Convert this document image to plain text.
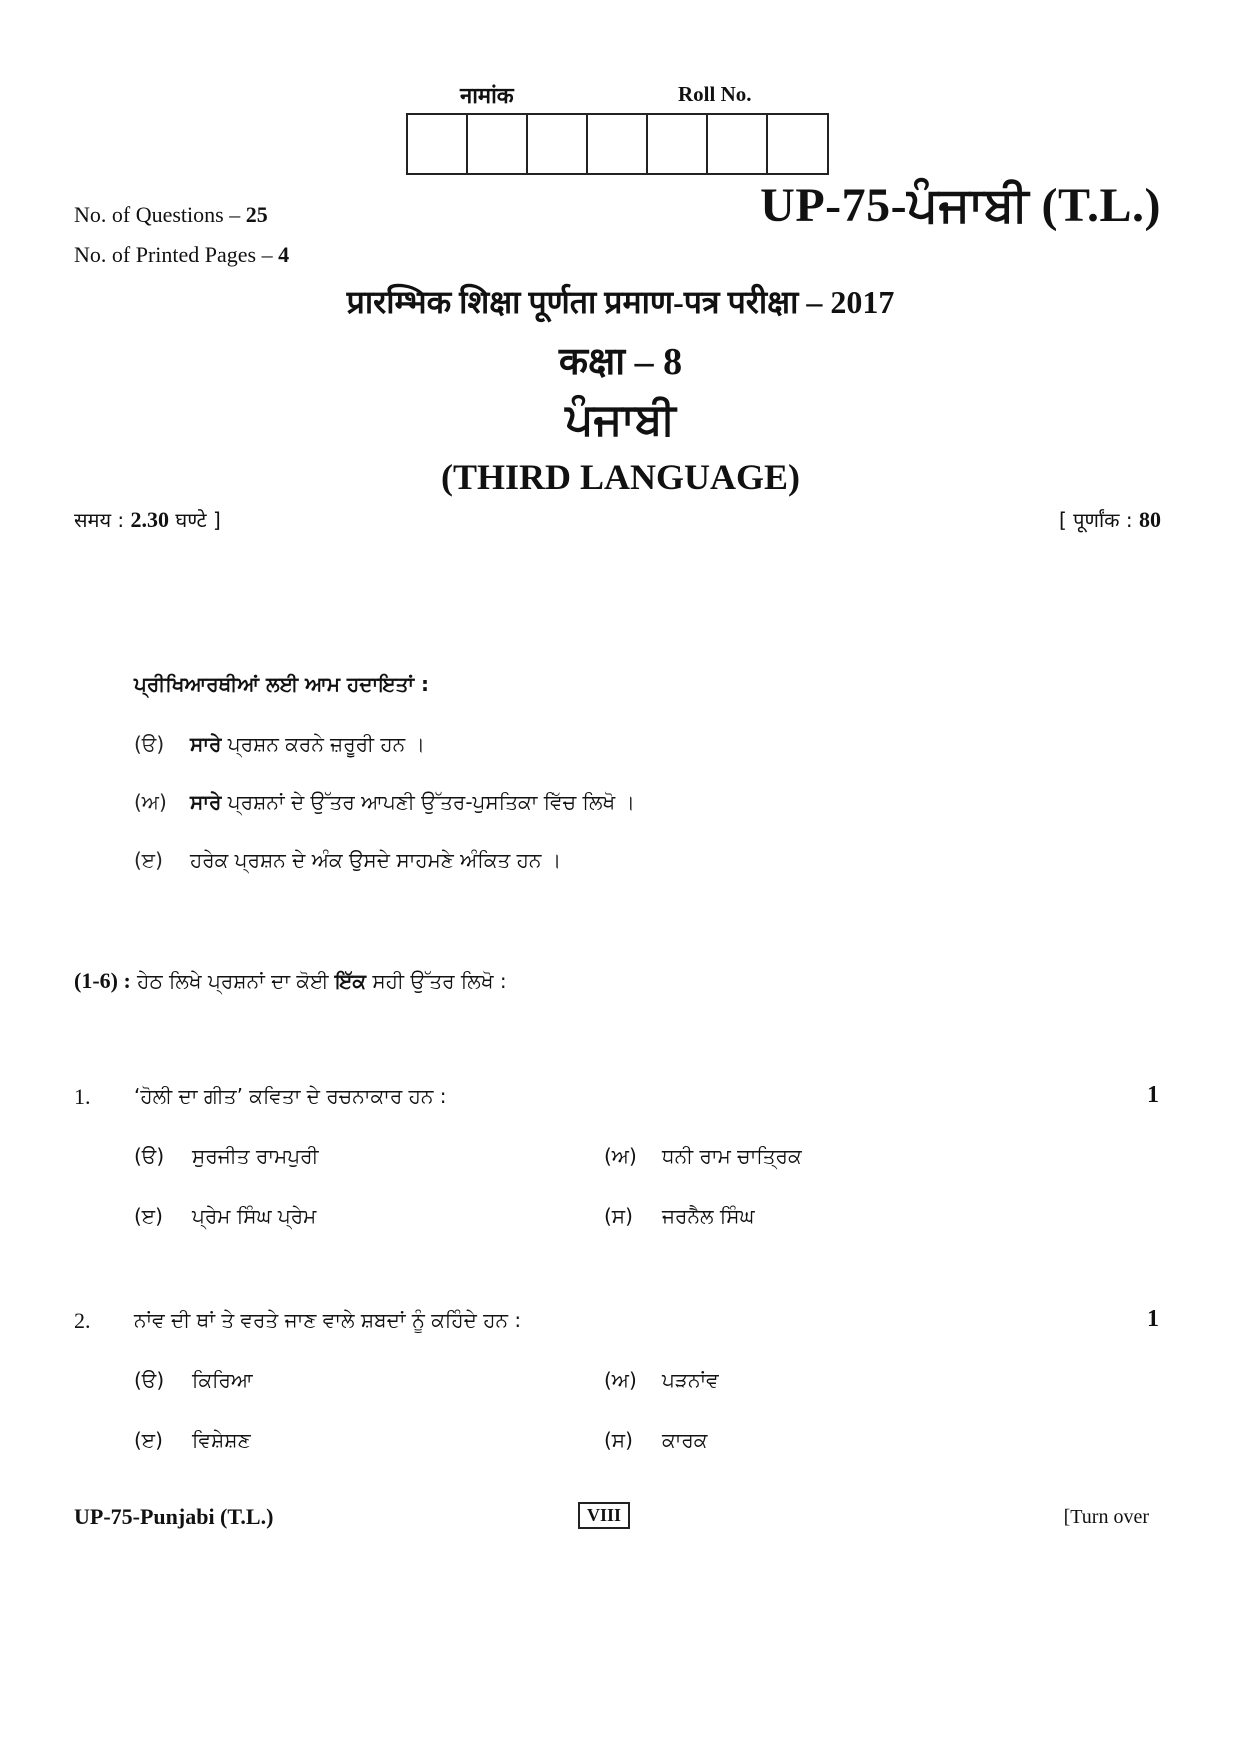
नामांक	Roll No.
No. of Questions – 25
No. of Printed Pages – 4
UP-75-ਪੰਜਾਬੀ (T.L.)
प्रारम्भिक शिक्षा पूर्णता प्रमाण-पत्र परीक्षा – 2017
कक्षा – 8
ਪੰਜਾਬੀ
(THIRD LANGUAGE)
समय : 2.30 घण्टे ]	[ पूर्णांक : 80
ਪ੍ਰੀਖਿਆਰਥੀਆਂ ਲਈ ਆਮ ਹਦਾਇਤਾਂ :
(ੳ) ਸਾਰੇ ਪ੍ਰਸ਼ਨ ਕਰਨੇ ਜ਼ਰੂਰੀ ਹਨ ।
(ਅ) ਸਾਰੇ ਪ੍ਰਸ਼ਨਾਂ ਦੇ ਉੱਤਰ ਆਪਣੀ ਉੱਤਰ-ਪੁਸਤਿਕਾ ਵਿੱਚ ਲਿਖੋ ।
(ੲ) ਹਰੇਕ ਪ੍ਰਸ਼ਨ ਦੇ ਅੰਕ ਉਸਦੇ ਸਾਹਮਣੇ ਅੰਕਿਤ ਹਨ ।
(1-6) : ਹੇਠ ਲਿਖੇ ਪ੍ਰਸ਼ਨਾਂ ਦਾ ਕੋਈ ਇੱਕ ਸਹੀ ਉੱਤਰ ਲਿਖੋ :
1. ‘ਹੋਲੀ ਦਾ ਗੀਤ’ ਕਵਿਤਾ ਦੇ ਰਚਨਾਕਾਰ ਹਨ :	1
(ੳ) ਸੁਰਜੀਤ ਰਾਮਪੁਰੀ	(ਅ) ਧਨੀ ਰਾਮ ਚਾਤ੍ਰਿਕ
(ੲ) ਪ੍ਰੇਮ ਸਿੰਘ ਪ੍ਰੇਮ	(ਸ) ਜਰਨੈਲ ਸਿੰਘ
2. ਨਾਂਵ ਦੀ ਥਾਂ ਤੇ ਵਰਤੇ ਜਾਣ ਵਾਲੇ ਸ਼ਬਦਾਂ ਨੂੰ ਕਹਿੰਦੇ ਹਨ :	1
(ੳ) ਕਿਰਿਆ	(ਅ) ਪੜਨਾਂਵ
(ੲ) ਵਿਸ਼ੇਸ਼ਣ	(ਸ) ਕਾਰਕ
UP-75-Punjabi (T.L.)	VIII	[Turn over
